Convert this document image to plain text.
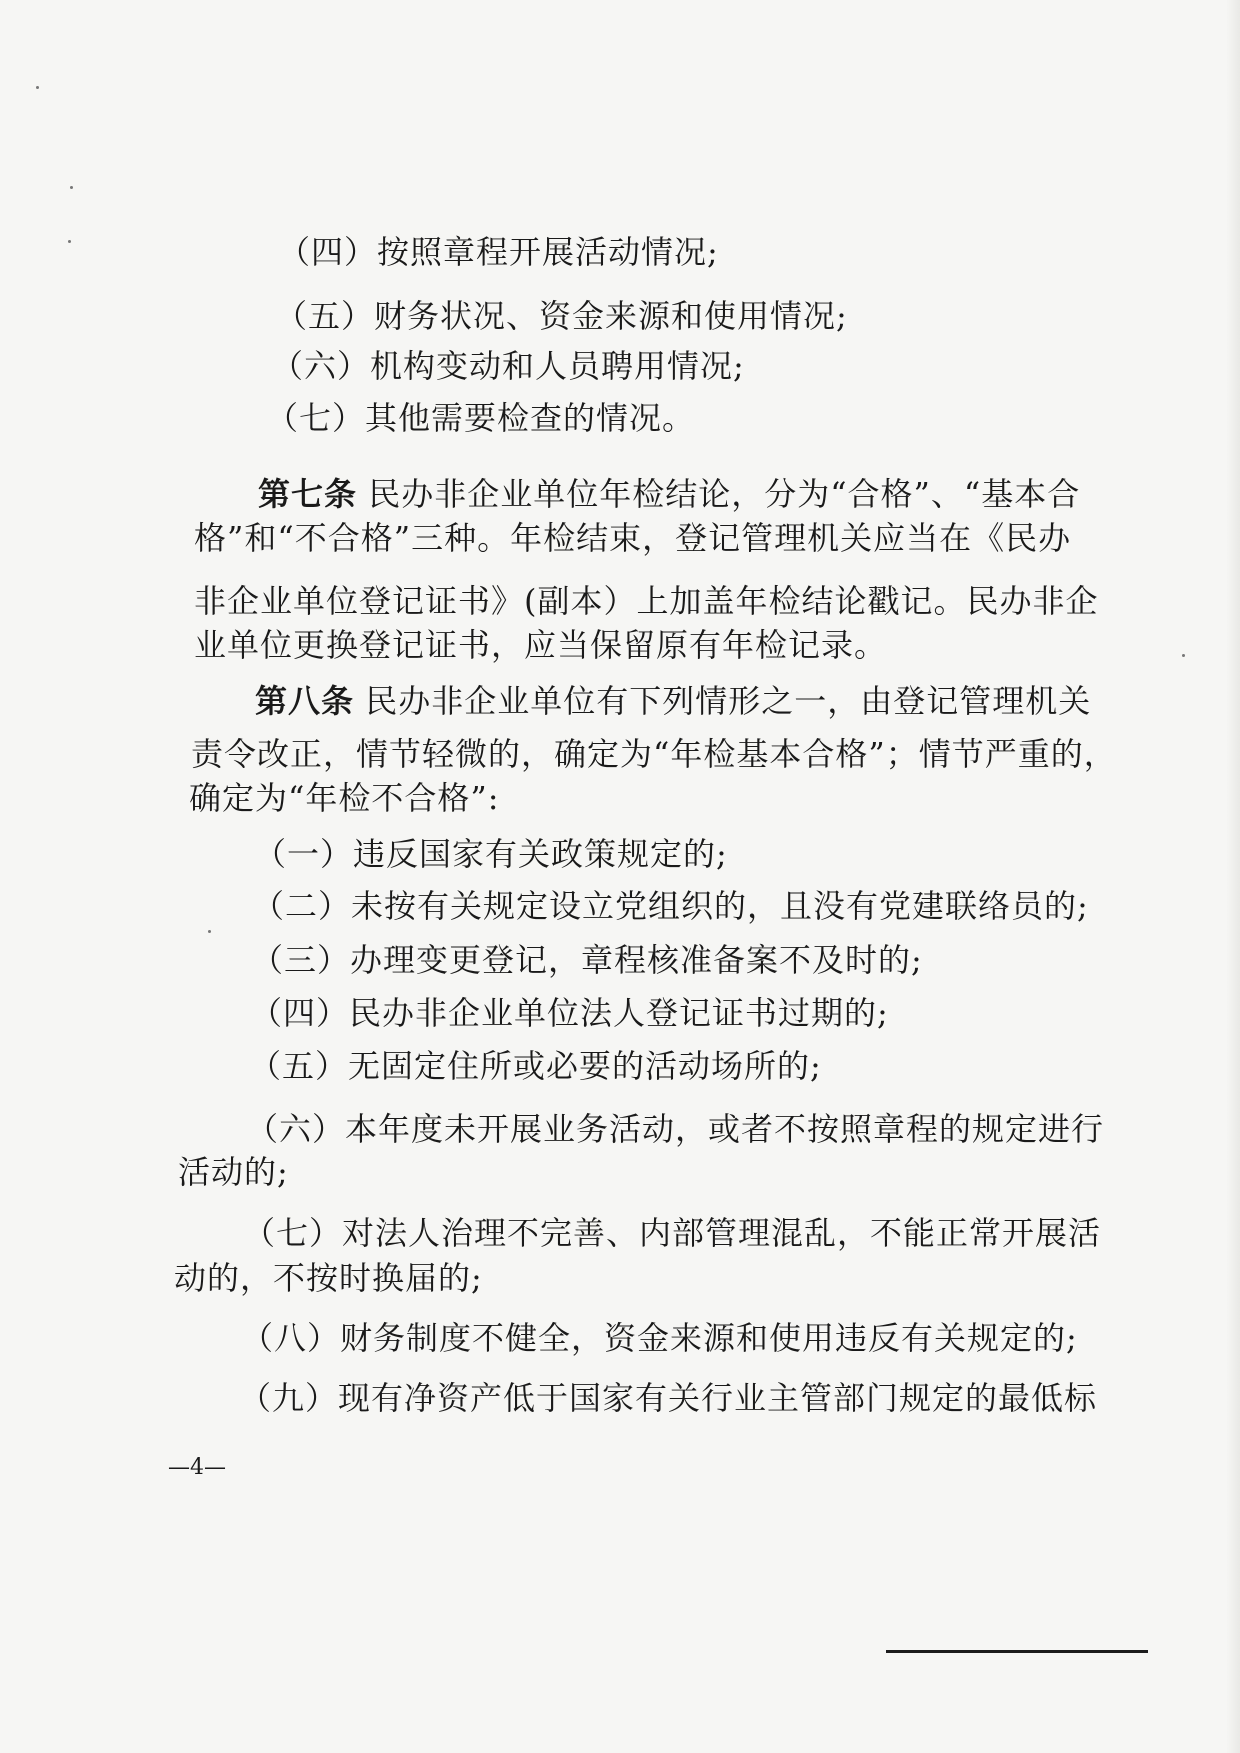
（四）按照章程开展活动情况;
（五）财务状况、资金来源和使用情况;
（六）机构变动和人员聘用情况;
（七）其他需要检查的情况。
第七条 民办非企业单位年检结论，分为“合格”、“基本合
格”和“不合格”三种。年检结束，登记管理机关应当在《民办
非企业单位登记证书》(副本）上加盖年检结论戳记。民办非企
业单位更换登记证书，应当保留原有年检记录。
第八条 民办非企业单位有下列情形之一，由登记管理机关
责令改正，情节轻微的，确定为“年检基本合格”；情节严重的，
确定为“年检不合格”:
（一）违反国家有关政策规定的;
（二）未按有关规定设立党组织的，且没有党建联络员的;
（三）办理变更登记，章程核准备案不及时的;
（四）民办非企业单位法人登记证书过期的;
（五）无固定住所或必要的活动场所的;
（六）本年度未开展业务活动，或者不按照章程的规定进行
活动的;
（七）对法人治理不完善、内部管理混乱，不能正常开展活
动的，不按时换届的;
（八）财务制度不健全，资金来源和使用违反有关规定的;
（九）现有净资产低于国家有关行业主管部门规定的最低标
—4—
